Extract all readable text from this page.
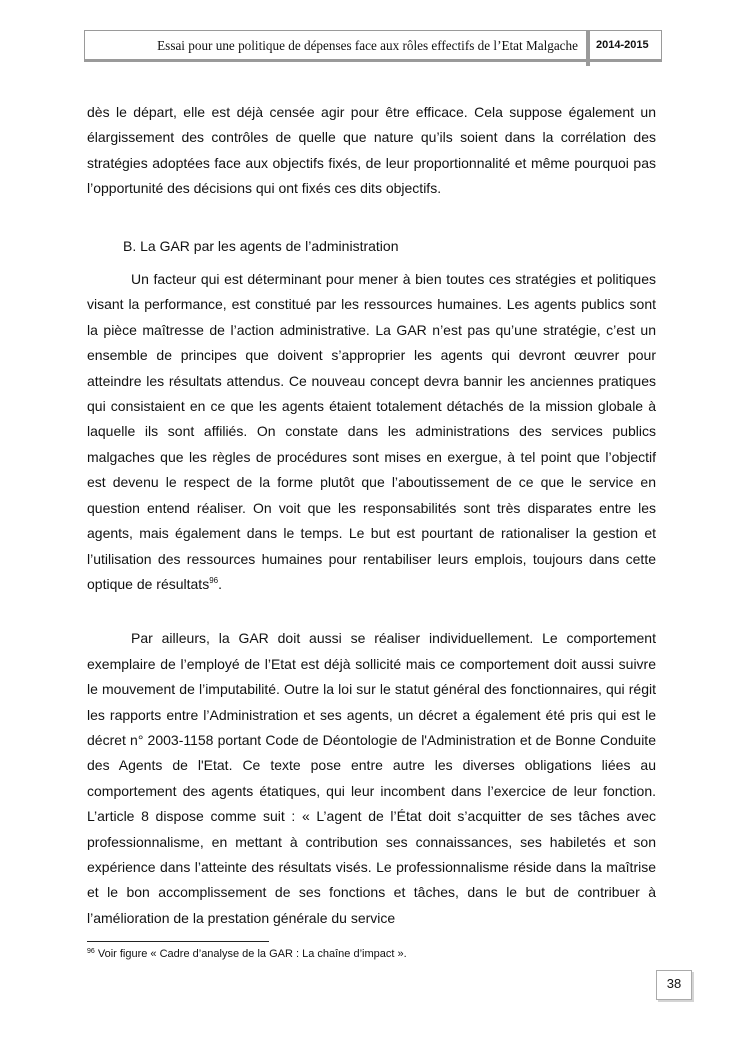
Essai pour une politique de dépenses face aux rôles effectifs de l’Etat Malgache	2014-2015

dès le départ, elle est déjà censée agir pour être efficace. Cela suppose également un élargissement des contrôles de quelle que nature qu’ils soient dans la corrélation des stratégies adoptées face aux objectifs fixés, de leur proportionnalité et même pourquoi pas l’opportunité des décisions qui ont fixés ces dits objectifs.

B. La GAR par les agents de l’administration

Un facteur qui est déterminant pour mener à bien toutes ces stratégies et politiques visant la performance, est constitué par les ressources humaines. Les agents publics sont la pièce maîtresse de l’action administrative. La GAR n’est pas qu’une stratégie, c’est un ensemble de principes que doivent s’approprier les agents qui devront œuvrer pour atteindre les résultats attendus. Ce nouveau concept devra bannir les anciennes pratiques qui consistaient en ce que les agents étaient totalement détachés de la mission globale à laquelle ils sont affiliés. On constate dans les administrations des services publics malgaches que les règles de procédures sont mises en exergue, à tel point que l’objectif est devenu le respect de la forme plutôt que l’aboutissement de ce que le service en question entend réaliser. On voit que les responsabilités sont très disparates entre les agents, mais également dans le temps. Le but est pourtant de rationaliser la gestion et l’utilisation des ressources humaines pour rentabiliser leurs emplois, toujours dans cette optique de résultats$^{96}$.

Par ailleurs, la GAR doit aussi se réaliser individuellement. Le comportement exemplaire de l’employé de l’Etat est déjà sollicité mais ce comportement doit aussi suivre le mouvement de l’imputabilité. Outre la loi sur le statut général des fonctionnaires, qui régit les rapports entre l’Administration et ses agents, un décret a également été pris qui est le décret n° 2003-1158 portant Code de Déontologie de l'Administration et de Bonne Conduite des Agents de l'Etat. Ce texte pose entre autre les diverses obligations liées au comportement des agents étatiques, qui leur incombent dans l’exercice de leur fonction. L’article 8 dispose comme suit : « L’agent de l’État doit s’acquitter de ses tâches avec professionnalisme, en mettant à contribution ses connaissances, ses habiletés et son expérience dans l’atteinte des résultats visés. Le professionnalisme réside dans la maîtrise et le bon accomplissement de ses fonctions et tâches, dans le but de contribuer à l’amélioration de la prestation générale du service

$^{96}$ Voir figure « Cadre d’analyse de la GAR : La chaîne d’impact ».
38
